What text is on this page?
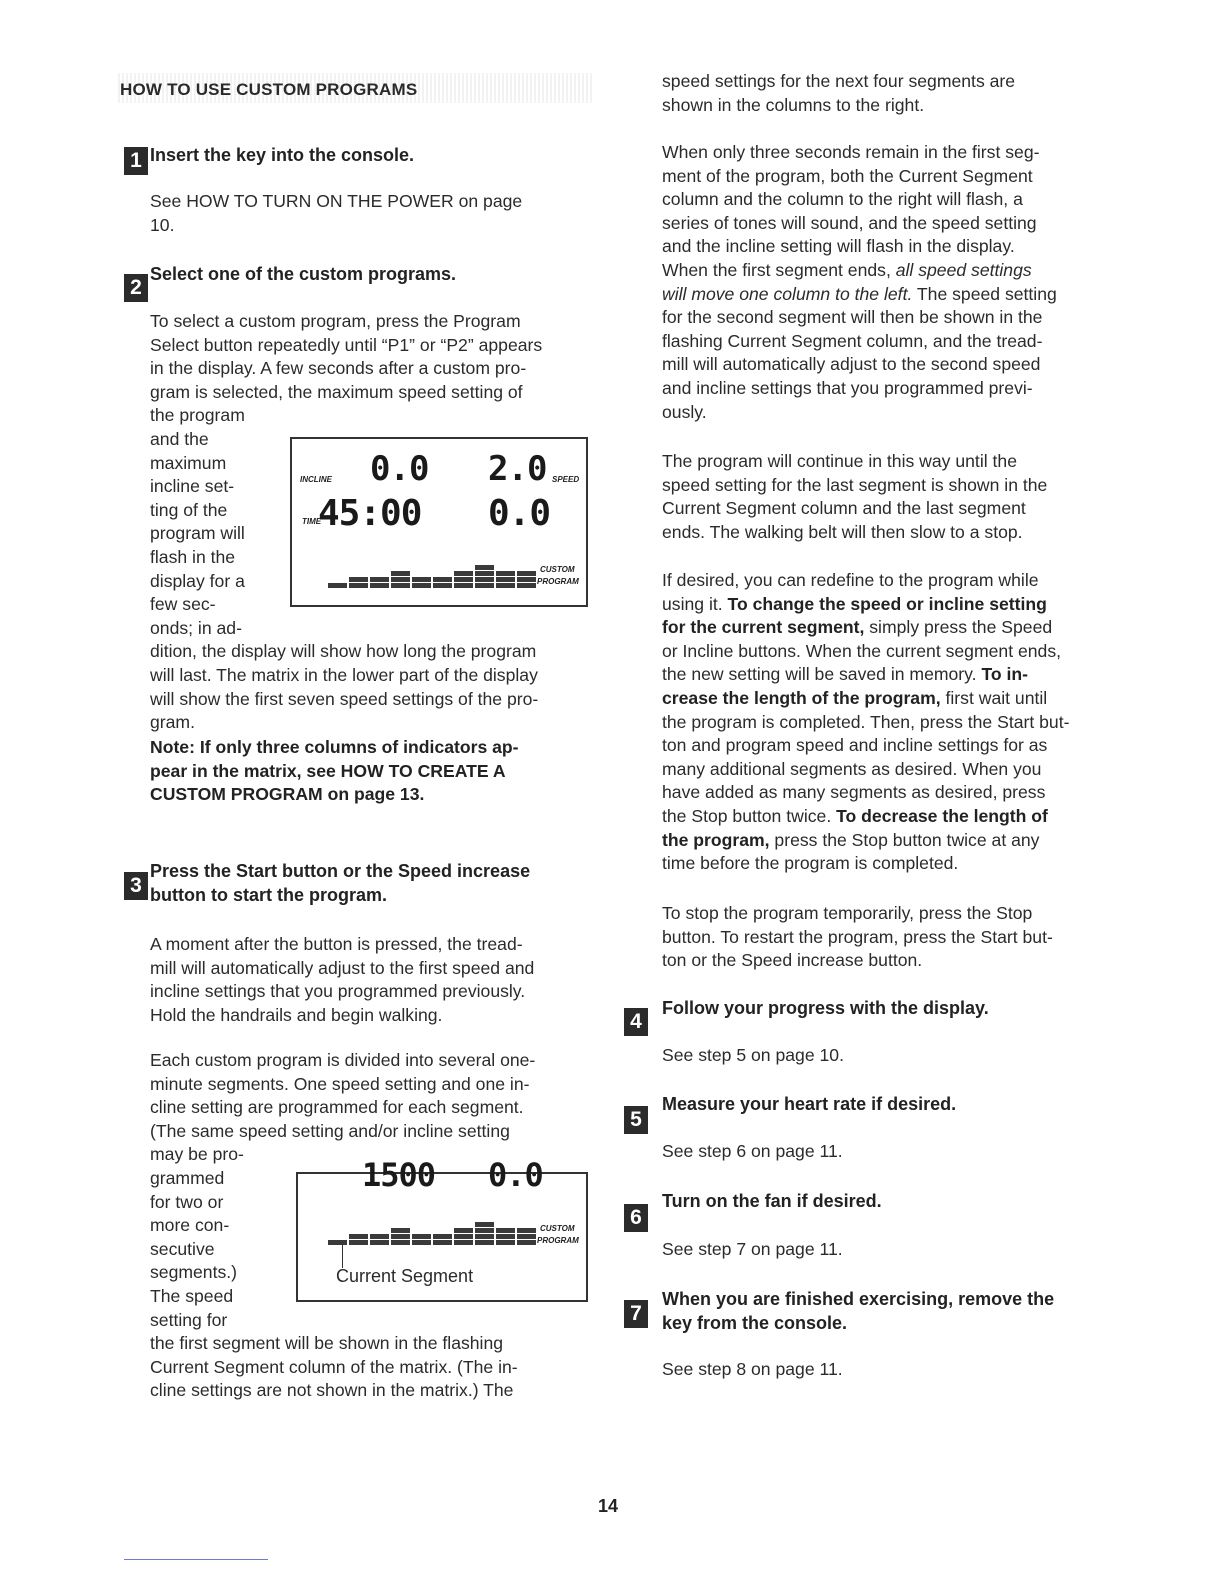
HOW TO USE CUSTOM PROGRAMS
1 Insert the key into the console.
See HOW TO TURN ON THE POWER on page
10.
2
Select one of the custom programs.
To select a custom program, press the Program
Select button repeatedly until “P1” or “P2” appears
in the display. A few seconds after a custom pro-
gram is selected, the maximum speed setting of
the program
and the
maximum
incline set-
ting of the
program will
flash in the
display for a
few sec-
onds; in ad-
dition, the display will show how long the program
will last. The matrix in the lower part of the display
will show the first seven speed settings of the pro-
gram.
INCLINE 0.0 2.0 SPEED
TIME
45:00 0.0
CUSTOM
PROGRAM
Note: If only three columns of indicators ap-
pear in the matrix, see HOW TO CREATE A
CUSTOM PROGRAM on page 13.
3
Press the Start button or the Speed increase
button to start the program.
A moment after the button is pressed, the tread-
mill will automatically adjust to the first speed and
incline settings that you programmed previously.
Hold the handrails and begin walking.
Each custom program is divided into several one-
minute segments. One speed setting and one in-
cline setting are programmed for each segment.
(The same speed setting and/or incline setting
may be pro-
grammed
for two or
more con-
secutive
segments.)
The speed
setting for
the first segment will be shown in the flashing
Current Segment column of the matrix. (The in-
cline settings are not shown in the matrix.) The
1500 0.0
CUSTOM
PROGRAM
Current Segment
speed settings for the next four segments are
shown in the columns to the right.
When only three seconds remain in the first seg-
ment of the program, both the Current Segment
column and the column to the right will flash, a
series of tones will sound, and the speed setting
and the incline setting will flash in the display.
When the first segment ends, all speed settings
will move one column to the left. The speed setting
for the second segment will then be shown in the
flashing Current Segment column, and the tread-
mill will automatically adjust to the second speed
and incline settings that you programmed previ-
ously.
The program will continue in this way until the
speed setting for the last segment is shown in the
Current Segment column and the last segment
ends. The walking belt will then slow to a stop.
If desired, you can redefine to the program while
using it. To change the speed or incline setting
for the current segment, simply press the Speed
or Incline buttons. When the current segment ends,
the new setting will be saved in memory. To in-
crease the length of the program, first wait until
the program is completed. Then, press the Start but-
ton and program speed and incline settings for as
many additional segments as desired. When you
have added as many segments as desired, press
the Stop button twice. To decrease the length of
the program, press the Stop button twice at any
time before the program is completed.
To stop the program temporarily, press the Stop
button. To restart the program, press the Start but-
ton or the Speed increase button.
4
Follow your progress with the display.
See step 5 on page 10.
5
Measure your heart rate if desired.
See step 6 on page 11.
6
Turn on the fan if desired.
See step 7 on page 11.
7
When you are finished exercising, remove the
key from the console.
See step 8 on page 11.
14
